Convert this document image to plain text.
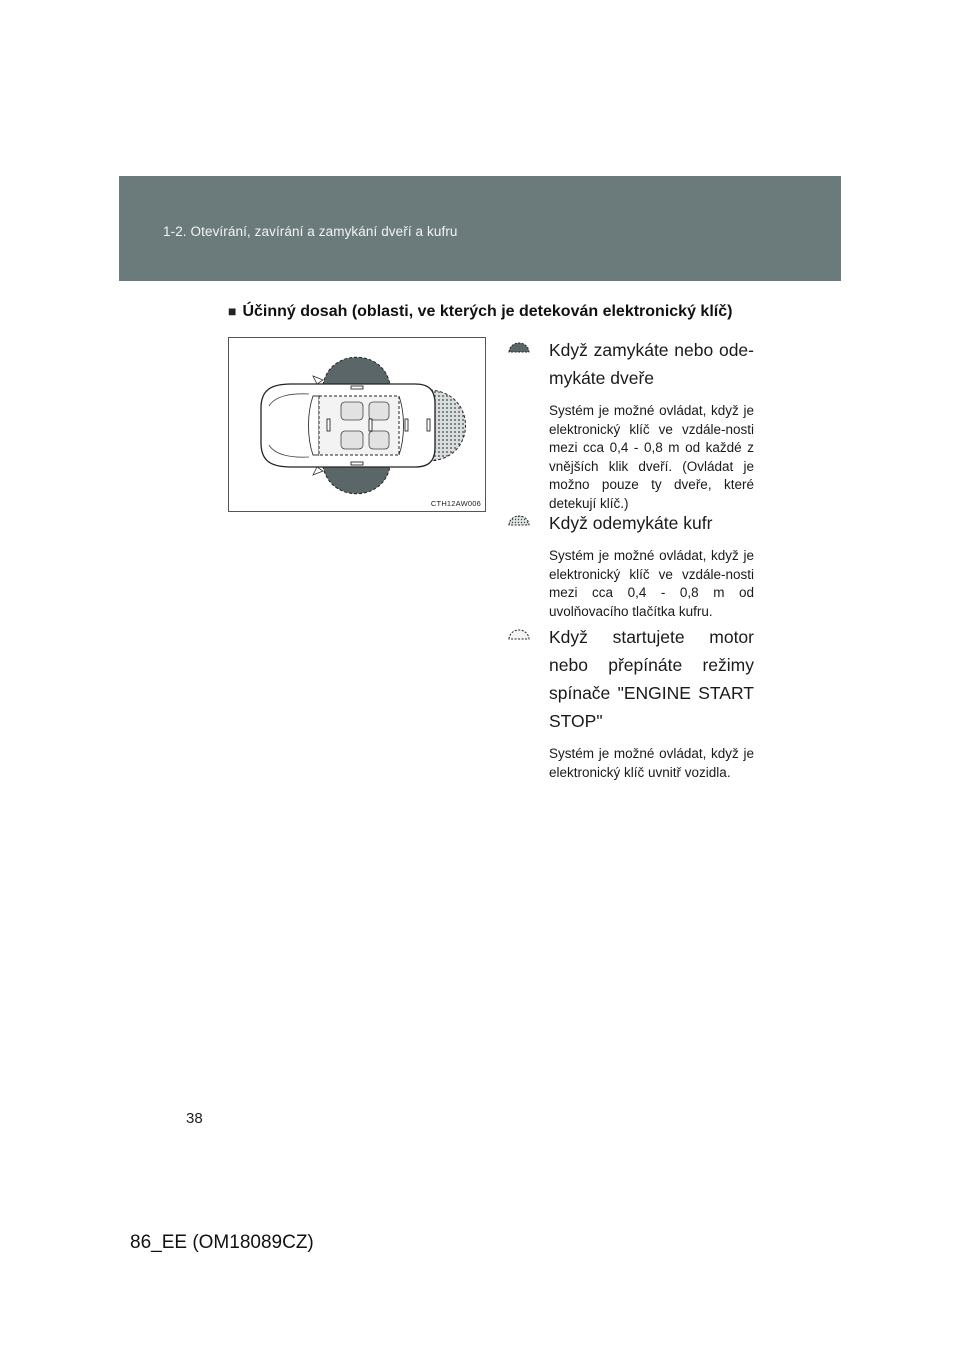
1-2. Otevírání, zavírání a zamykání dveří a kufru
■ Účinný dosah (oblasti, ve kterých je detekován elektronický klíč)
CTH12AW006
Když zamykáte nebo ode-mykáte dveře
Systém je možné ovládat, když je elektronický klíč ve vzdále-nosti mezi cca 0,4 - 0,8 m od každé z vnějších klik dveří. (Ovládat je možno pouze ty dveře, které detekují klíč.)
Když odemykáte kufr
Systém je možné ovládat, když je elektronický klíč ve vzdále-nosti mezi cca 0,4 - 0,8 m od uvolňovacího tlačítka kufru.
Když startujete motor nebo přepínáte režimy spínače "ENGINE START STOP"
Systém je možné ovládat, když je elektronický klíč uvnitř vozidla.
38
86_EE (OM18089CZ)
